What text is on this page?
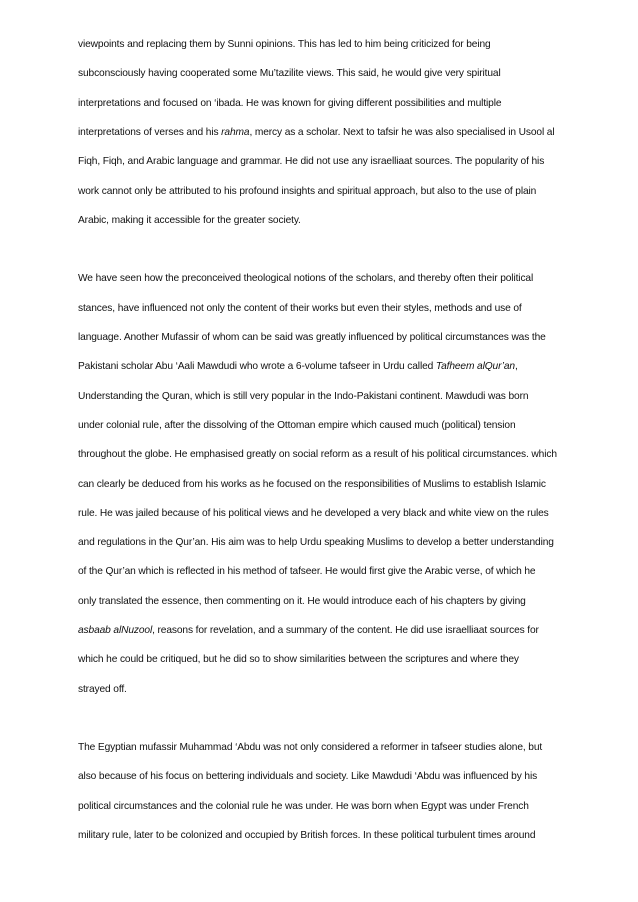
viewpoints and replacing them by Sunni opinions. This has led to him being criticized for being
subconsciously having cooperated some Mu’tazilite views. This said, he would give very spiritual
interpretations and focused on ‘ibada. He was known for giving different possibilities and multiple
interpretations of verses and his rahma, mercy as a scholar. Next to tafsir he was also specialised in Usool al
Fiqh, Fiqh, and Arabic language and grammar. He did not use any israelliaat sources. The popularity of his
work cannot only be attributed to his profound insights and spiritual approach, but also to the use of plain
Arabic, making it accessible for the greater society.
We have seen how the preconceived theological notions of the scholars, and thereby often their political
stances, have influenced not only the content of their works but even their styles, methods and use of
language. Another Mufassir of whom can be said was greatly influenced by political circumstances was the
Pakistani scholar Abu ‘Aali Mawdudi who wrote a 6-volume tafseer in Urdu called Tafheem alQur’an,
Understanding the Quran, which is still very popular in the Indo-Pakistani continent. Mawdudi was born
under colonial rule, after the dissolving of the Ottoman empire which caused much (political) tension
throughout the globe. He emphasised greatly on social reform as a result of his political circumstances. which
can clearly be deduced from his works as he focused on the responsibilities of Muslims to establish Islamic
rule. He was jailed because of his political views and he developed a very black and white view on the rules
and regulations in the Qur’an. His aim was to help Urdu speaking Muslims to develop a better understanding
of the Qur’an which is reflected in his method of tafseer. He would first give the Arabic verse, of which he
only translated the essence, then commenting on it. He would introduce each of his chapters by giving
asbaab alNuzool, reasons for revelation, and a summary of the content. He did use israelliaat sources for
which he could be critiqued, but he did so to show similarities between the scriptures and where they
strayed off.
The Egyptian mufassir Muhammad ‘Abdu was not only considered a reformer in tafseer studies alone, but
also because of his focus on bettering individuals and society. Like Mawdudi ‘Abdu was influenced by his
political circumstances and the colonial rule he was under. He was born when Egypt was under French
military rule, later to be colonized and occupied by British forces. In these political turbulent times around
